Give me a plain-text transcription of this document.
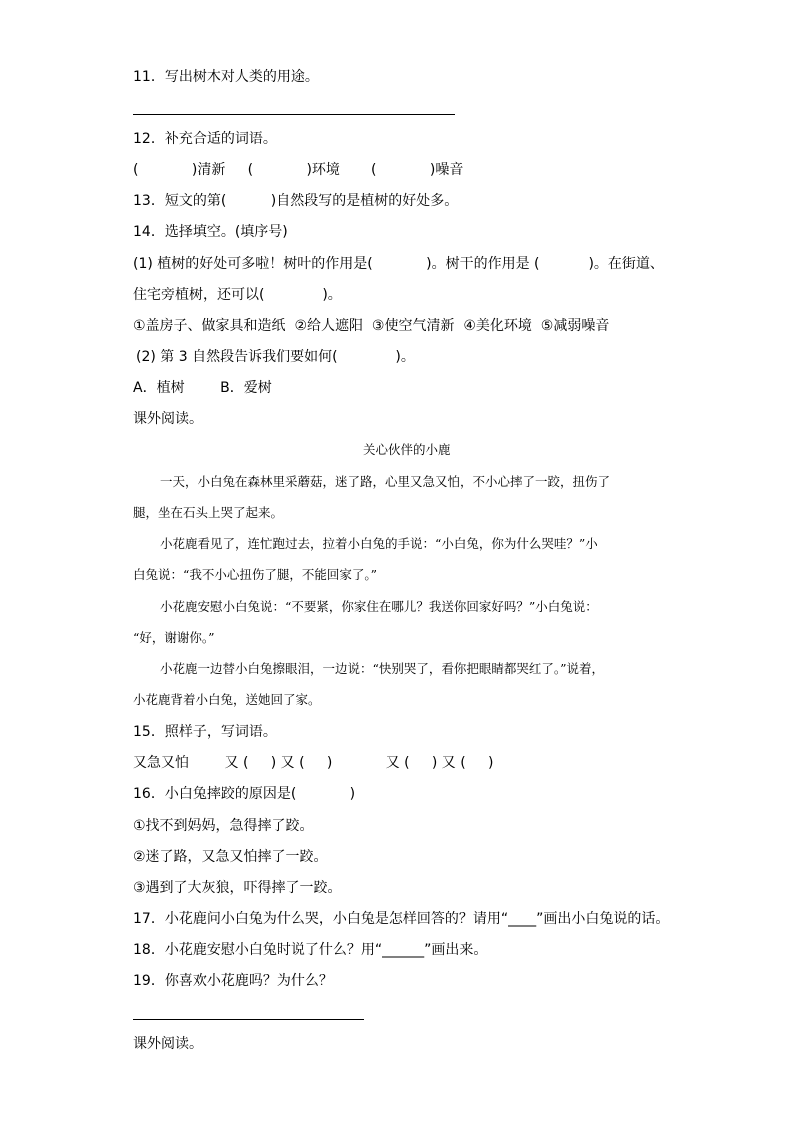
11．写出树木对人类的用途。
12．补充合适的词语。
(            )清新     (            )环境       (            )噪音
13．短文的第(          )自然段写的是植树的好处多。
14．选择填空。(填序号)
(1) 植树的好处可多啦！树叶的作用是(            )。树干的作用是 (           )。在街道、
住宅旁植树，还可以(             )。
①盖房子、做家具和造纸  ②给人遮阳  ③使空气清新  ④美化环境  ⑤减弱噪音
(2) 第 3 自然段告诉我们要如何(             )。
A．植树        B．爱树
课外阅读。
关心伙伴的小鹿
一天，小白兔在森林里采蘑菇，迷了路，心里又急又怕，不小心摔了一跤，扭伤了
腿，坐在石头上哭了起来。
小花鹿看见了，连忙跑过去，拉着小白兔的手说：“小白兔，你为什么哭哇？”小
白兔说：“我不小心扭伤了腿，不能回家了。”
小花鹿安慰小白兔说：“不要紧，你家住在哪儿？我送你回家好吗？”小白兔说：
“好，谢谢你。”
小花鹿一边替小白兔擦眼泪，一边说：“快别哭了，看你把眼睛都哭红了。”说着，
小花鹿背着小白兔，送她回了家。
15．照样子，写词语。
又急又怕        又 (     ) 又 (     )            又 (     ) 又 (     )
16．小白兔摔跤的原因是(            )
①找不到妈妈，急得摔了跤。
②迷了路，又急又怕摔了一跤。
③遇到了大灰狼，吓得摔了一跤。
17．小花鹿问小白兔为什么哭，小白兔是怎样回答的？请用“____”画出小白兔说的话。
18．小花鹿安慰小白兔时说了什么？用“______”画出来。
19．你喜欢小花鹿吗？为什么？
课外阅读。
